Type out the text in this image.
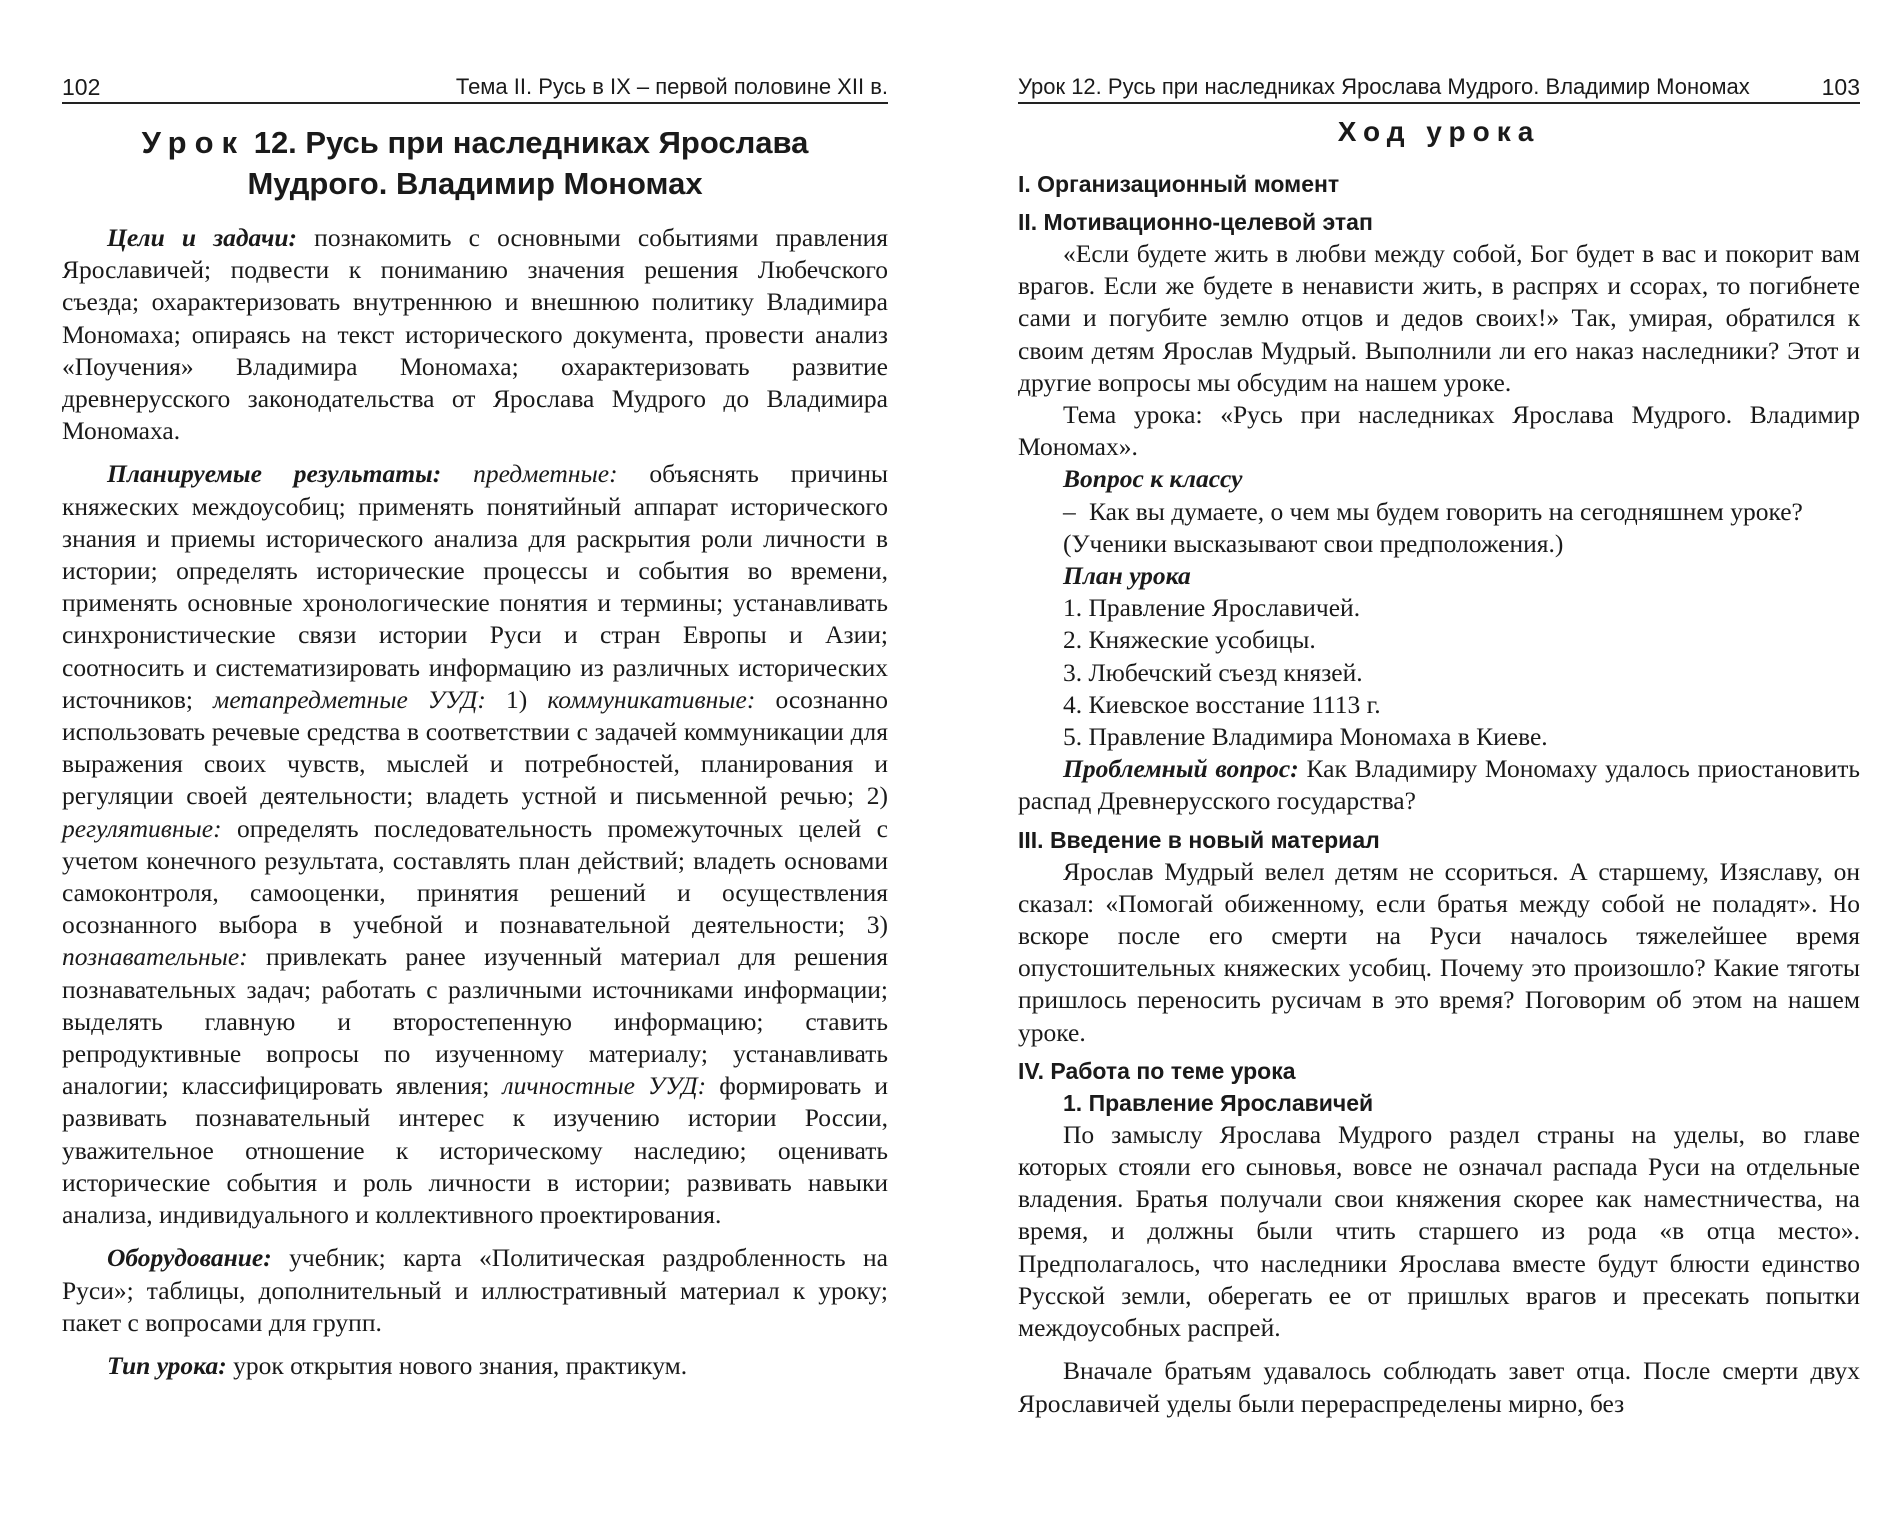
102	Тема II. Русь в IX – первой половине XII в.
Урок 12. Русь при наследниках Ярослава
Мудрого. Владимир Мономах

Цели и задачи: познакомить с основными событиями правления Ярославичей; подвести к пониманию значения решения Любечского съезда; охарактеризовать внутреннюю и внешнюю политику Владимира Мономаха; опираясь на текст исторического документа, провести анализ «Поучения» Владимира Мономаха; охарактеризовать развитие древнерусского законодательства от Ярослава Мудрого до Владимира Мономаха.

Планируемые результаты: предметные: объяснять причины княжеских междоусобиц; применять понятийный аппарат исторического знания и приемы исторического анализа для раскрытия роли личности в истории; определять исторические процессы и события во времени, применять основные хронологические понятия и термины; устанавливать синхронистические связи истории Руси и стран Европы и Азии; соотносить и систематизировать информацию из различных исторических источников; метапредметные УУД: 1) коммуникативные: осознанно использовать речевые средства в соответствии с задачей коммуникации для выражения своих чувств, мыслей и потребностей, планирования и регуляции своей деятельности; владеть устной и письменной речью; 2) регулятивные: определять последовательность промежуточных целей с учетом конечного результата, составлять план действий; владеть основами самоконтроля, самооценки, принятия решений и осуществления осознанного выбора в учебной и познавательной деятельности; 3) познавательные: привлекать ранее изученный материал для решения познавательных задач; работать с различными источниками информации; выделять главную и второстепенную информацию; ставить репродуктивные вопросы по изученному материалу; устанавливать аналогии; классифицировать явления; личностные УУД: формировать и развивать познавательный интерес к изучению истории России, уважительное отношение к историческому наследию; оценивать исторические события и роль личности в истории; развивать навыки анализа, индивидуального и коллективного проектирования.

Оборудование: учебник; карта «Политическая раздробленность на Руси»; таблицы, дополнительный и иллюстративный материал к уроку; пакет с вопросами для групп.

Тип урока: урок открытия нового знания, практикум.

Урок 12. Русь при наследниках Ярослава Мудрого. Владимир Мономах	103
Ход урока
I. Организационный момент
II. Мотивационно-целевой этап

«Если будете жить в любви между собой, Бог будет в вас и покорит вам врагов. Если же будете в ненависти жить, в распрях и ссорах, то погибнете сами и погубите землю отцов и дедов своих!» Так, умирая, обратился к своим детям Ярослав Мудрый. Выполнили ли его наказ наследники? Этот и другие вопросы мы обсудим на нашем уроке.

Тема урока: «Русь при наследниках Ярослава Мудрого. Владимир Мономах».

Вопрос к классу
– Как вы думаете, о чем мы будем говорить на сегодняшнем уроке?
(Ученики высказывают свои предположения.)
План урока
1. Правление Ярославичей.
2. Княжеские усобицы.
3. Любечский съезд князей.
4. Киевское восстание 1113 г.
5. Правление Владимира Мономаха в Киеве.

Проблемный вопрос: Как Владимиру Мономаху удалось приостановить распад Древнерусского государства?

III. Введение в новый материал

Ярослав Мудрый велел детям не ссориться. А старшему, Изяславу, он сказал: «Помогай обиженному, если братья между собой не поладят». Но вскоре после его смерти на Руси началось тяжелейшее время опустошительных княжеских усобиц. Почему это произошло? Какие тяготы пришлось переносить русичам в это время? Поговорим об этом на нашем уроке.

IV. Работа по теме урока
1. Правление Ярославичей

По замыслу Ярослава Мудрого раздел страны на уделы, во главе которых стояли его сыновья, вовсе не означал распада Руси на отдельные владения. Братья получали свои княжения скорее как наместничества, на время, и должны были чтить старшего из рода «в отца место». Предполагалось, что наследники Ярослава вместе будут блюсти единство Русской земли, оберегать ее от пришлых врагов и пресекать попытки междоусобных распрей.

Вначале братьям удавалось соблюдать завет отца. После смерти двух Ярославичей уделы были перераспределены мирно, без
